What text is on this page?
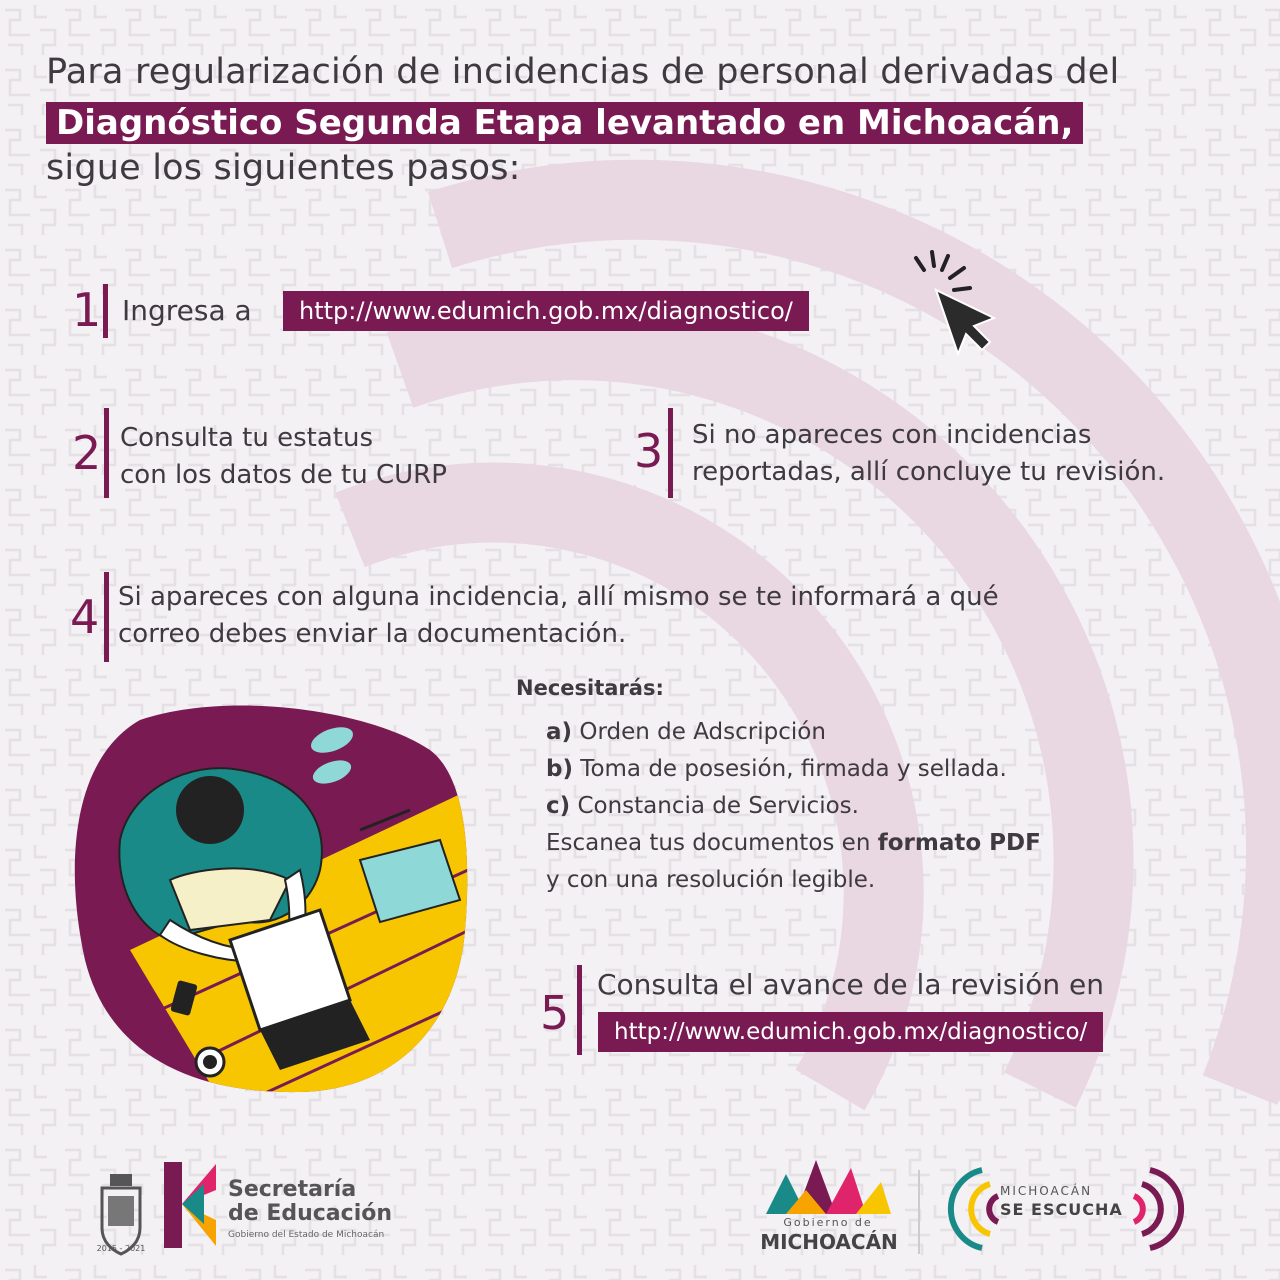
Para regularización de incidencias de personal derivadas del
Diagnóstico Segunda Etapa levantado en Michoacán,
sigue los siguientes pasos:
1 Ingresa a	http://www.edumich.gob.mx/diagnostico/
2 Consulta tu estatus
con los datos de tu CURP	3 Si no apareces con incidencias
reportadas, allí concluye tu revisión.
4 Si apareces con alguna incidencia, allí mismo se te informará a qué
correo debes enviar la documentación.
Necesitarás:
a) Orden de Adscripción
b) Toma de posesión, firmada y sellada.
c) Constancia de Servicios.
Escanea tus documentos en formato PDF
y con una resolución legible.
5
Consulta el avance de la revisión en
http://www.edumich.gob.mx/diagnostico/
2015 - 2021
Secretaría
de Educación
Gobierno del Estado de Michoacán
Gobierno de
MICHOACÁN
MICHOACÁN
SE ESCUCHA
